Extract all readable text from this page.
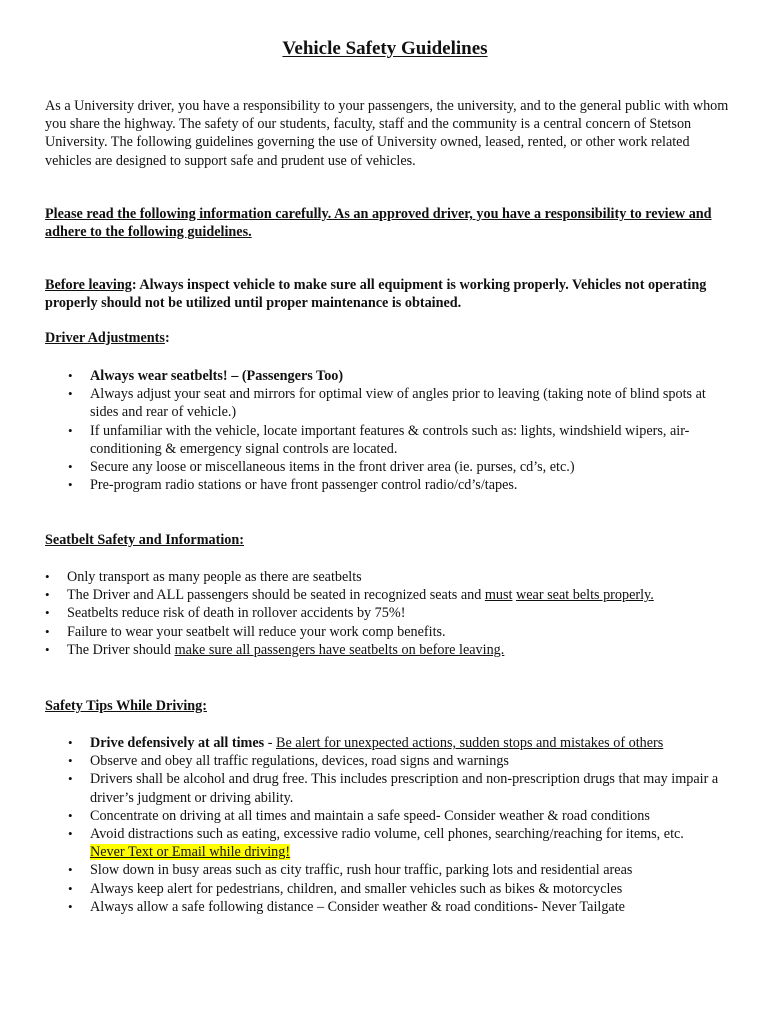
Vehicle Safety Guidelines
As a University driver, you have a responsibility to your passengers, the university, and to the general public with whom you share the highway. The safety of our students, faculty, staff and the community is a central concern of Stetson University. The following guidelines governing the use of University owned, leased, rented, or other work related vehicles are designed to support safe and prudent use of vehicles.
Please read the following information carefully. As an approved driver, you have a responsibility to review and adhere to the following guidelines.
Before leaving: Always inspect vehicle to make sure all equipment is working properly. Vehicles not operating properly should not be utilized until proper maintenance is obtained.
Driver Adjustments:
• Always wear seatbelts! – (Passengers Too)
• Always adjust your seat and mirrors for optimal view of angles prior to leaving (taking note of blind spots at sides and rear of vehicle.)
• If unfamiliar with the vehicle, locate important features & controls such as: lights, windshield wipers, air-conditioning & emergency signal controls are located.
• Secure any loose or miscellaneous items in the front driver area (ie. purses, cd’s, etc.)
• Pre-program radio stations or have front passenger control radio/cd’s/tapes.
Seatbelt Safety and Information:
• Only transport as many people as there are seatbelts
• The Driver and ALL passengers should be seated in recognized seats and must wear seat belts properly.
• Seatbelts reduce risk of death in rollover accidents by 75%!
• Failure to wear your seatbelt will reduce your work comp benefits.
• The Driver should make sure all passengers have seatbelts on before leaving.
Safety Tips While Driving:
• Drive defensively at all times - Be alert for unexpected actions, sudden stops and mistakes of others
• Observe and obey all traffic regulations, devices, road signs and warnings
• Drivers shall be alcohol and drug free. This includes prescription and non-prescription drugs that may impair a driver’s judgment or driving ability.
• Concentrate on driving at all times and maintain a safe speed- Consider weather & road conditions
• Avoid distractions such as eating, excessive radio volume, cell phones, searching/reaching for items, etc.
Never Text or Email while driving!
• Slow down in busy areas such as city traffic, rush hour traffic, parking lots and residential areas
• Always keep alert for pedestrians, children, and smaller vehicles such as bikes & motorcycles
• Always allow a safe following distance – Consider weather & road conditions- Never Tailgate
